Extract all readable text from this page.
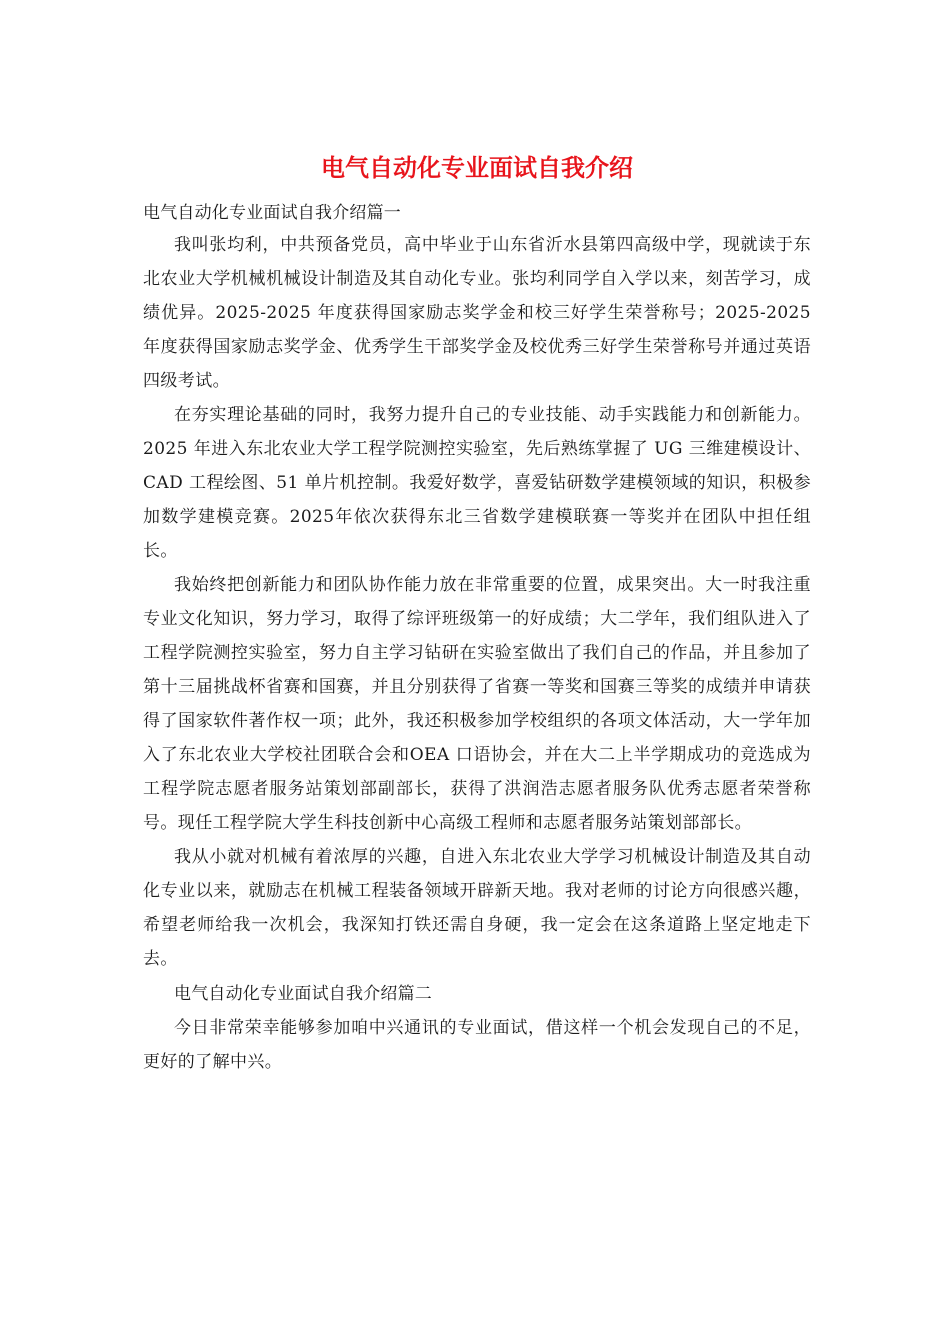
电气自动化专业面试自我介绍

电气自动化专业面试自我介绍篇一

我叫张均利，中共预备党员，高中毕业于山东省沂水县第四高级中学，现就读于东北农业大学机械机械设计制造及其自动化专业。张均利同学自入学以来，刻苦学习，成绩优异。2025-2025 年度获得国家励志奖学金和校三好学生荣誉称号；2025-2025 年度获得国家励志奖学金、优秀学生干部奖学金及校优秀三好学生荣誉称号并通过英语四级考试。

在夯实理论基础的同时，我努力提升自己的专业技能、动手实践能力和创新能力。2025 年进入东北农业大学工程学院测控实验室，先后熟练掌握了 UG 三维建模设计、CAD 工程绘图、51 单片机控制。我爱好数学，喜爱钻研数学建模领域的知识，积极参加数学建模竞赛。2025年依次获得东北三省数学建模联赛一等奖并在团队中担任组长。

我始终把创新能力和团队协作能力放在非常重要的位置，成果突出。大一时我注重专业文化知识，努力学习，取得了综评班级第一的好成绩；大二学年，我们组队进入了工程学院测控实验室，努力自主学习钻研在实验室做出了我们自己的作品，并且参加了第十三届挑战杯省赛和国赛，并且分别获得了省赛一等奖和国赛三等奖的成绩并申请获得了国家软件著作权一项；此外，我还积极参加学校组织的各项文体活动，大一学年加入了东北农业大学校社团联合会和OEA 口语协会，并在大二上半学期成功的竞选成为工程学院志愿者服务站策划部副部长，获得了洪润浩志愿者服务队优秀志愿者荣誉称号。现任工程学院大学生科技创新中心高级工程师和志愿者服务站策划部部长。

我从小就对机械有着浓厚的兴趣，自进入东北农业大学学习机械设计制造及其自动化专业以来，就励志在机械工程装备领域开辟新天地。我对老师的讨论方向很感兴趣，希望老师给我一次机会，我深知打铁还需自身硬，我一定会在这条道路上坚定地走下去。

电气自动化专业面试自我介绍篇二

今日非常荣幸能够参加咱中兴通讯的专业面试，借这样一个机会发现自己的不足，更好的了解中兴。
